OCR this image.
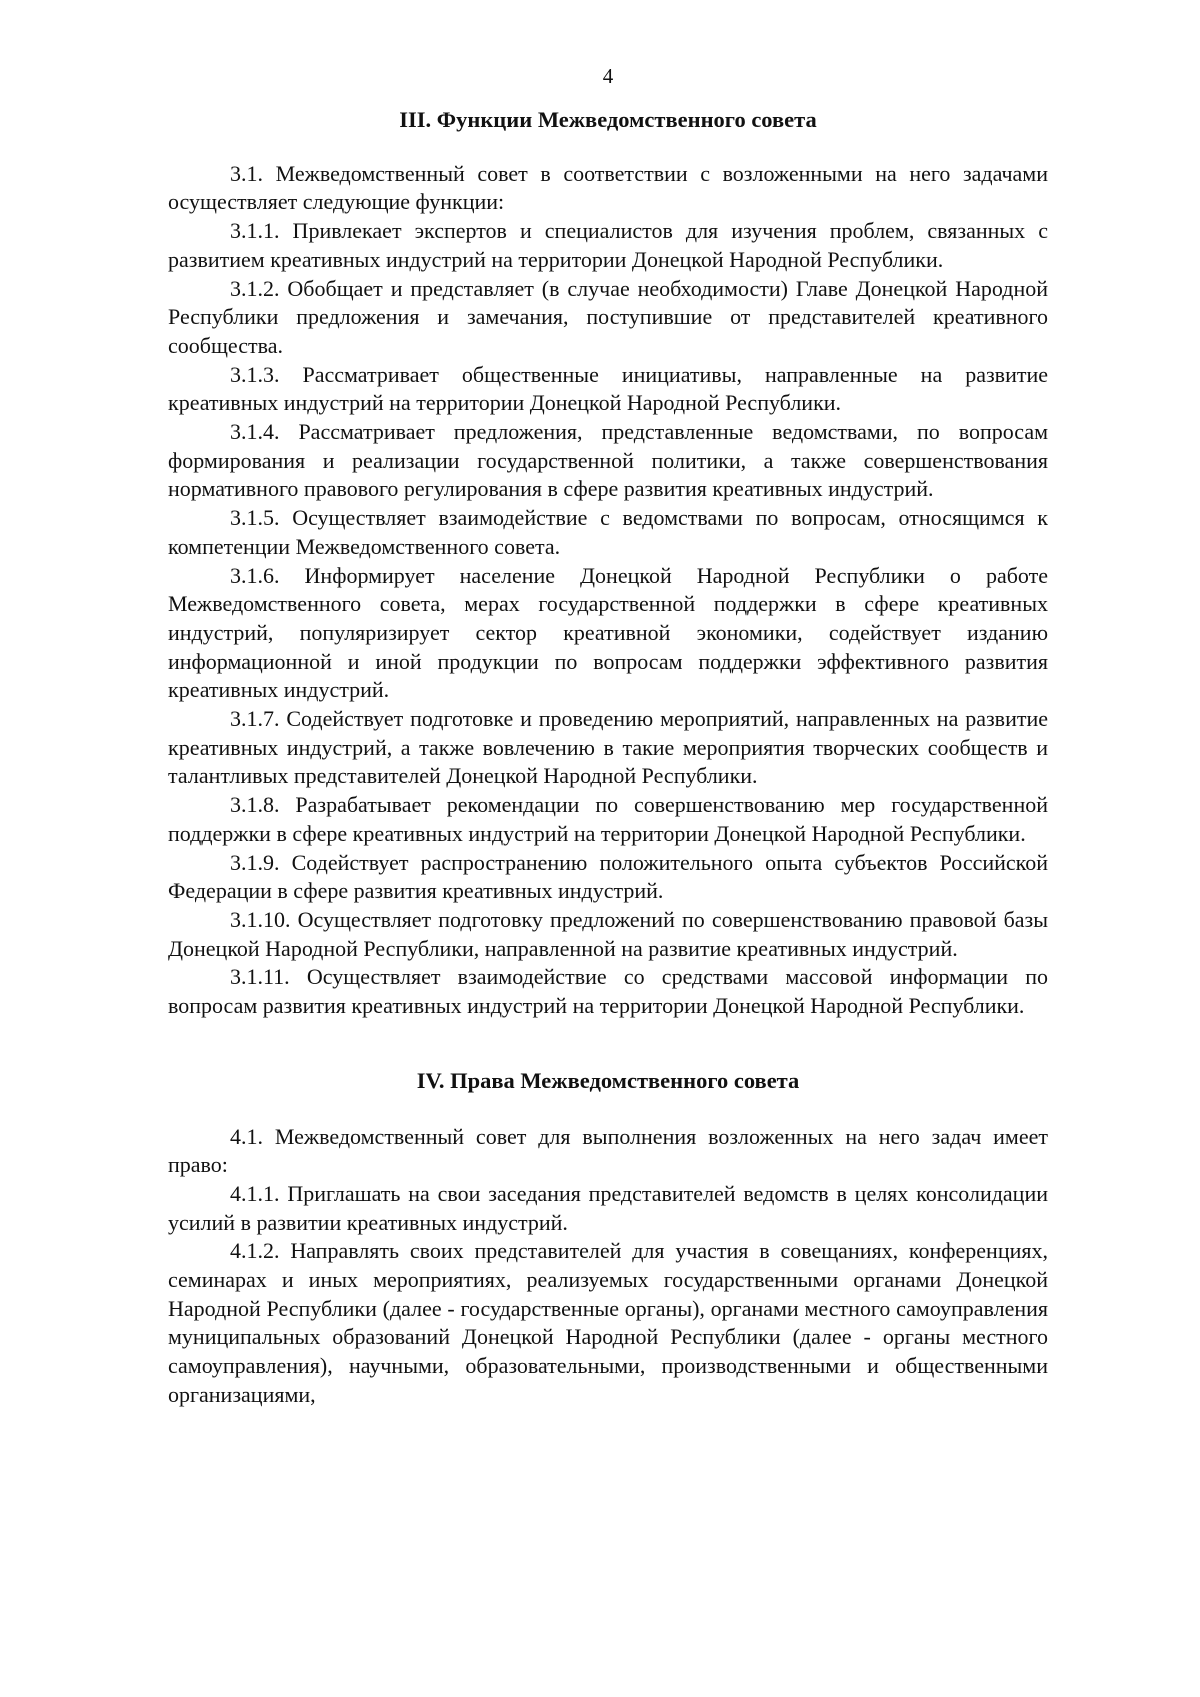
4
III. Функции Межведомственного совета

3.1. Межведомственный совет в соответствии с возложенными на него задачами осуществляет следующие функции:

3.1.1. Привлекает экспертов и специалистов для изучения проблем, связанных с развитием креативных индустрий на территории Донецкой Народной Республики.

3.1.2. Обобщает и представляет (в случае необходимости) Главе Донецкой Народной Республики предложения и замечания, поступившие от представителей креативного сообщества.

3.1.3. Рассматривает общественные инициативы, направленные на развитие креативных индустрий на территории Донецкой Народной Республики.

3.1.4. Рассматривает предложения, представленные ведомствами, по вопросам формирования и реализации государственной политики, а также совершенствования нормативного правового регулирования в сфере развития креативных индустрий.

3.1.5. Осуществляет взаимодействие с ведомствами по вопросам, относящимся к компетенции Межведомственного совета.

3.1.6. Информирует население Донецкой Народной Республики о работе Межведомственного совета, мерах государственной поддержки в сфере креативных индустрий, популяризирует сектор креативной экономики, содействует изданию информационной и иной продукции по вопросам поддержки эффективного развития креативных индустрий.

3.1.7. Содействует подготовке и проведению мероприятий, направленных на развитие креативных индустрий, а также вовлечению в такие мероприятия творческих сообществ и талантливых представителей Донецкой Народной Республики.

3.1.8. Разрабатывает рекомендации по совершенствованию мер государственной поддержки в сфере креативных индустрий на территории Донецкой Народной Республики.

3.1.9. Содействует распространению положительного опыта субъектов Российской Федерации в сфере развития креативных индустрий.

3.1.10. Осуществляет подготовку предложений по совершенствованию правовой базы Донецкой Народной Республики, направленной на развитие креативных индустрий.

3.1.11. Осуществляет взаимодействие со средствами массовой информации по вопросам развития креативных индустрий на территории Донецкой Народной Республики.

IV. Права Межведомственного совета

4.1. Межведомственный совет для выполнения возложенных на него задач имеет право:

4.1.1. Приглашать на свои заседания представителей ведомств в целях консолидации усилий в развитии креативных индустрий.

4.1.2. Направлять своих представителей для участия в совещаниях, конференциях, семинарах и иных мероприятиях, реализуемых государственными органами Донецкой Народной Республики (далее - государственные органы), органами местного самоуправления муниципальных образований Донецкой Народной Республики (далее - органы местного самоуправления), научными, образовательными, производственными и общественными организациями,
